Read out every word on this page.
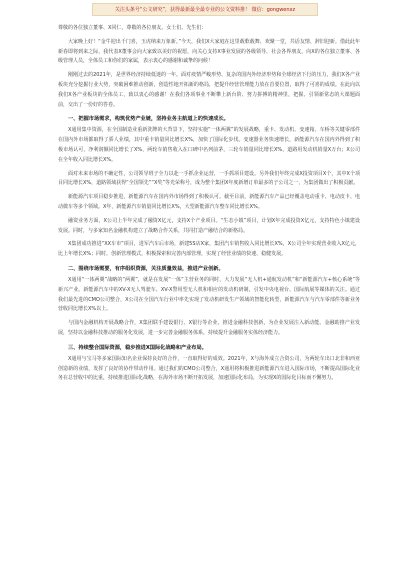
关注头条号“公文研究”，获得最新最全最专业的公文资料推！ 微信：gongwenxz

尊敬的各位独立董事、X同仁，尊敬的各位朋友、女士们、先生们：

大家晚上好！“金牛迎出千门喜，玉虎纳来万象新。”今天，我们X大家庭在这里载歌载舞、欢聚一堂，共话友情、辞旧迎新。借此此年新春即将到来之际，我代表X董事会向大家致以美好的祝愿，向关心支持X事业发展的各级领导、社会各界朋友，向X的各位独立董事、各级管理人员，全体员工和你们的家属，表示衷心的感谢和诚挚的问候！

刚刚过去的2021年，是世界经济持续低迷的一年。面对疫情严峻形势、复杂的国内外经济形势和全球经济下行的压力，我们X各产业板块充分挖掘行业大势，突破困难推动创新，创造性地开拓新的格局，把提升经营管理能力放在首要位置，取得了可喜的成绩。在此向以我们X各产业板块的全体员工，致以衷心的感谢！在我们各项事业不断攀上新台阶、努力拼搏的精神里，把握、引领新常态的大课题面前，交出了一份好的答卷。

一、把握市场需求，构筑优势产业链，坚持业务主航道上的快速成长。

X通用集中资源，在全国制造业重新洗牌的大背景下，坚持实施“一体两翼”的发展战略，重卡、发动机、变速箱、车桥等关键零部件在国内外市场都取得了骄人业绩，其中重卡销量同比增长X%，加快了国际化步伐。变速器业务快速增长，新能源汽车在国内外得到了积极市场认可，净利润额同比增长了X%，两轮车销售收入在口碑中名列前茅，三轮车销量同比增长X%，道路用发动机销量X万台；X公司在全年收入同比增长X%。

面对未来市场的不确定性，公司领导班子全力以赴一手抓企业运营，一手抓项目建设。另外我们年终完成X投资项目X个，其中X个项目同比增长X%，道路领域获得“全国领先”“X奖”等光荣称号，成为整个集团X年度新增订单最多的子公司之一，为集团做出了积极贡献。

新能源汽车项目稳步推进，新能源汽车在国内外市场得到了积极认可。截至目前，新能源汽车产品已经覆盖电动重卡、电动皮卡、电动微车等多个领域。X年，新能源汽车销量同比增长X%，大型新能源汽车整车同比增长X%。

融资业务方面，X公司上半年完成了融资X亿元，支持X个产业项目。“生态小镇”项目，计划X年完成投资X亿元，支持特色小镇建设发展。同时，与多家知名金融机构建立了战略合作关系，共同打造产融结合的新格局。

X集团成功推进“XX车市”项目，进军汽车后市场，新建5S店X家，集团汽车销售收入同比增长X%，X公司全年实现营业收入X亿元，比上年增长X%；同时，创新管理模式，积极探索和完善内部管理，实现了经营业绩的快速、稳健发展。

二、围绕市场需要，有序组织资源，关注质量效益，推进产业创新。

X通用“一体两翼”战略的“两翼”，就是在发展“一体”主营业务的同时，大力发展“无人机+通航发动机”和“新能源汽车+核心系统”等新兴产业。新能源汽车中的XV-X无人驾驶车、XV-X警用型无人机和相应的发动机研制，引发中央电视台、国际航展等媒体的关注。通过我们最先进的CMO公司整合，X公司在全国汽车行业中率先实现了发动机研发生产领域的智能化转型，新能源汽车与汽车零部件等新业务营收同比增长X%以上。

与国内金融机构开展战略合作，X集团联手建设银行、X银行等企业，推进金融科技创新，为企业发展注入新动能。金融助推产业发展，坚持以金融科技推动的服务化发展，进一步完善金融服务体系，持续提升金融服务实体经济能力。

三、持续整合国际资源，稳步推进X国际化战略和产业布局。

X通用与宝马等多家国际知名企业保持良好的合作，一直取得好的成效。2021年，X与海外成立合资公司，为两轮车出口北非和西亚创造新的业绩，发挥了良好的协作带动作用。通过我们的CMO公司整合，X通用将积极推进新能源汽车进入国际市场，不断提高国际化业务在总营收中的比重，持续推进国际化战略，在海外市场不断开拓发展，加速国际化布局，为实现X的国际化目标而不懈努力。
